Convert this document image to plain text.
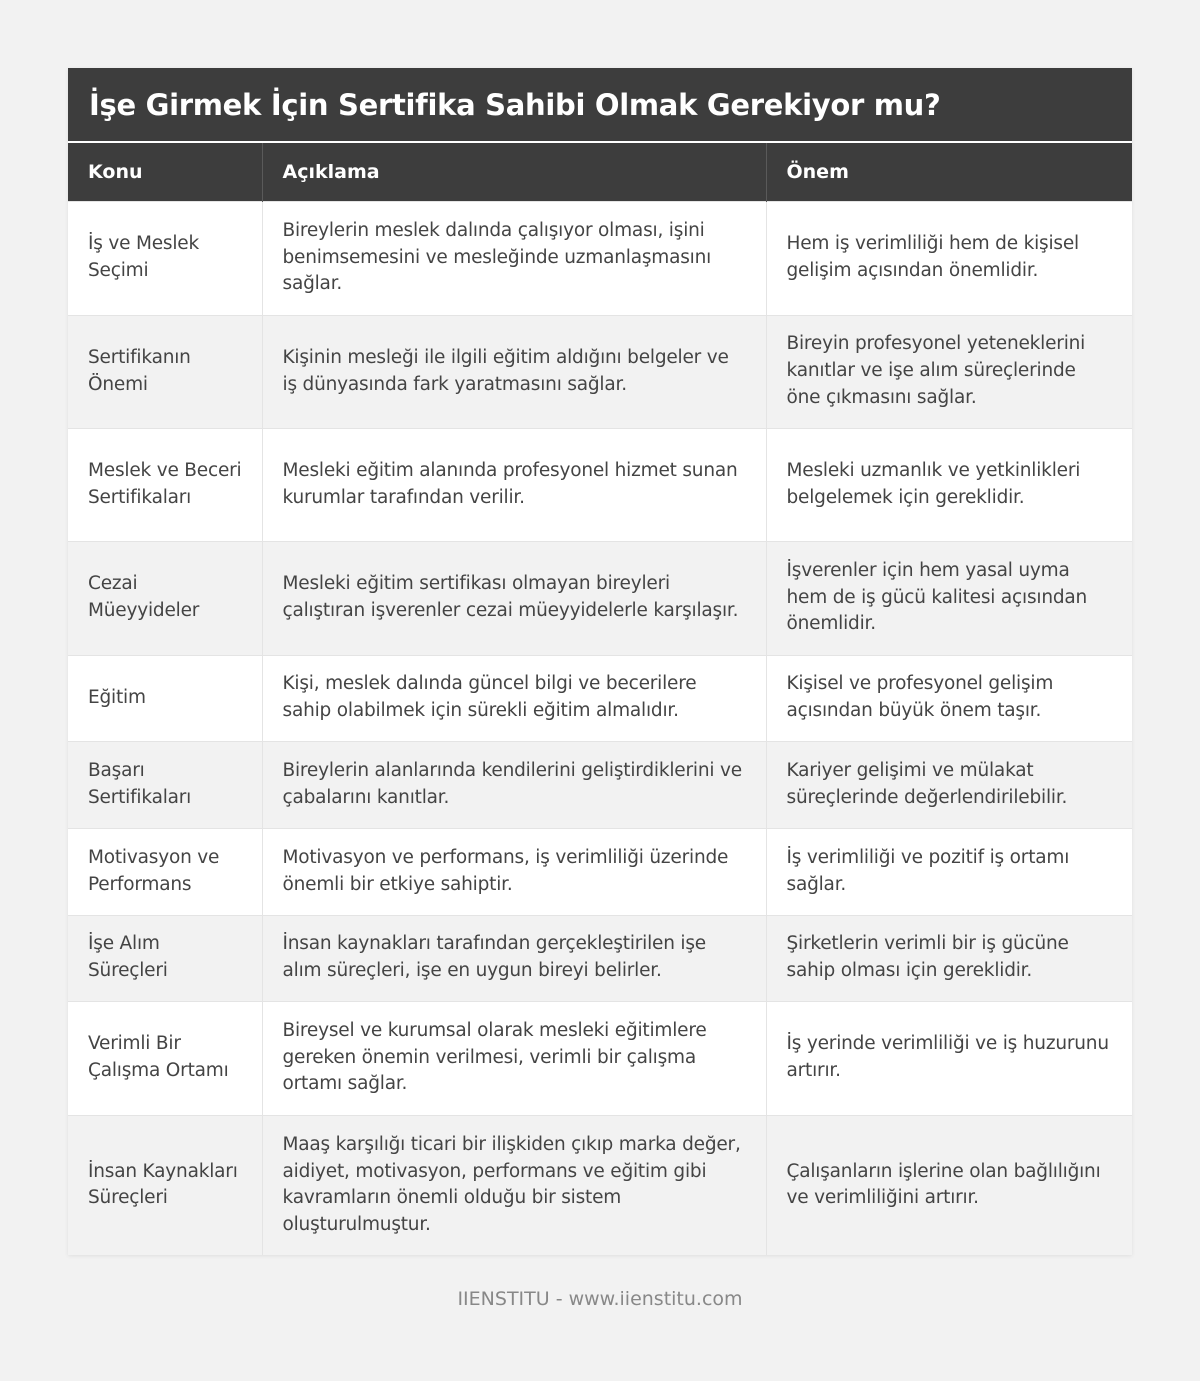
İşe Girmek İçin Sertifika Sahibi Olmak Gerekiyor mu?
Konu	Açıklama	Önem
İş ve Meslek Seçimi	Bireylerin meslek dalında çalışıyor olması, işini benimsemesini ve mesleğinde uzmanlaşmasını sağlar.	Hem iş verimliliği hem de kişisel gelişim açısından önemlidir.
Sertifikanın Önemi	Kişinin mesleği ile ilgili eğitim aldığını belgeler ve iş dünyasında fark yaratmasını sağlar.	Bireyin profesyonel yeteneklerini kanıtlar ve işe alım süreçlerinde öne çıkmasını sağlar.
Meslek ve Beceri Sertifikaları	Mesleki eğitim alanında profesyonel hizmet sunan kurumlar tarafından verilir.	Mesleki uzmanlık ve yetkinlikleri belgelemek için gereklidir.
Cezai Müeyyideler	Mesleki eğitim sertifikası olmayan bireyleri çalıştıran işverenler cezai müeyyidelerle karşılaşır.	İşverenler için hem yasal uyma hem de iş gücü kalitesi açısından önemlidir.
Eğitim	Kişi, meslek dalında güncel bilgi ve becerilere sahip olabilmek için sürekli eğitim almalıdır.	Kişisel ve profesyonel gelişim açısından büyük önem taşır.
Başarı Sertifikaları	Bireylerin alanlarında kendilerini geliştirdiklerini ve çabalarını kanıtlar.	Kariyer gelişimi ve mülakat süreçlerinde değerlendirilebilir.
Motivasyon ve Performans	Motivasyon ve performans, iş verimliliği üzerinde önemli bir etkiye sahiptir.	İş verimliliği ve pozitif iş ortamı sağlar.
İşe Alım Süreçleri	İnsan kaynakları tarafından gerçekleştirilen işe alım süreçleri, işe en uygun bireyi belirler.	Şirketlerin verimli bir iş gücüne sahip olması için gereklidir.
Verimli Bir Çalışma Ortamı	Bireysel ve kurumsal olarak mesleki eğitimlere gereken önemin verilmesi, verimli bir çalışma ortamı sağlar.	İş yerinde verimliliği ve iş huzurunu artırır.
İnsan Kaynakları Süreçleri	Maaş karşılığı ticari bir ilişkiden çıkıp marka değer, aidiyet, motivasyon, performans ve eğitim gibi kavramların önemli olduğu bir sistem oluşturulmuştur.	Çalışanların işlerine olan bağlılığını ve verimliliğini artırır.
IIENSTITU - www.iienstitu.com
